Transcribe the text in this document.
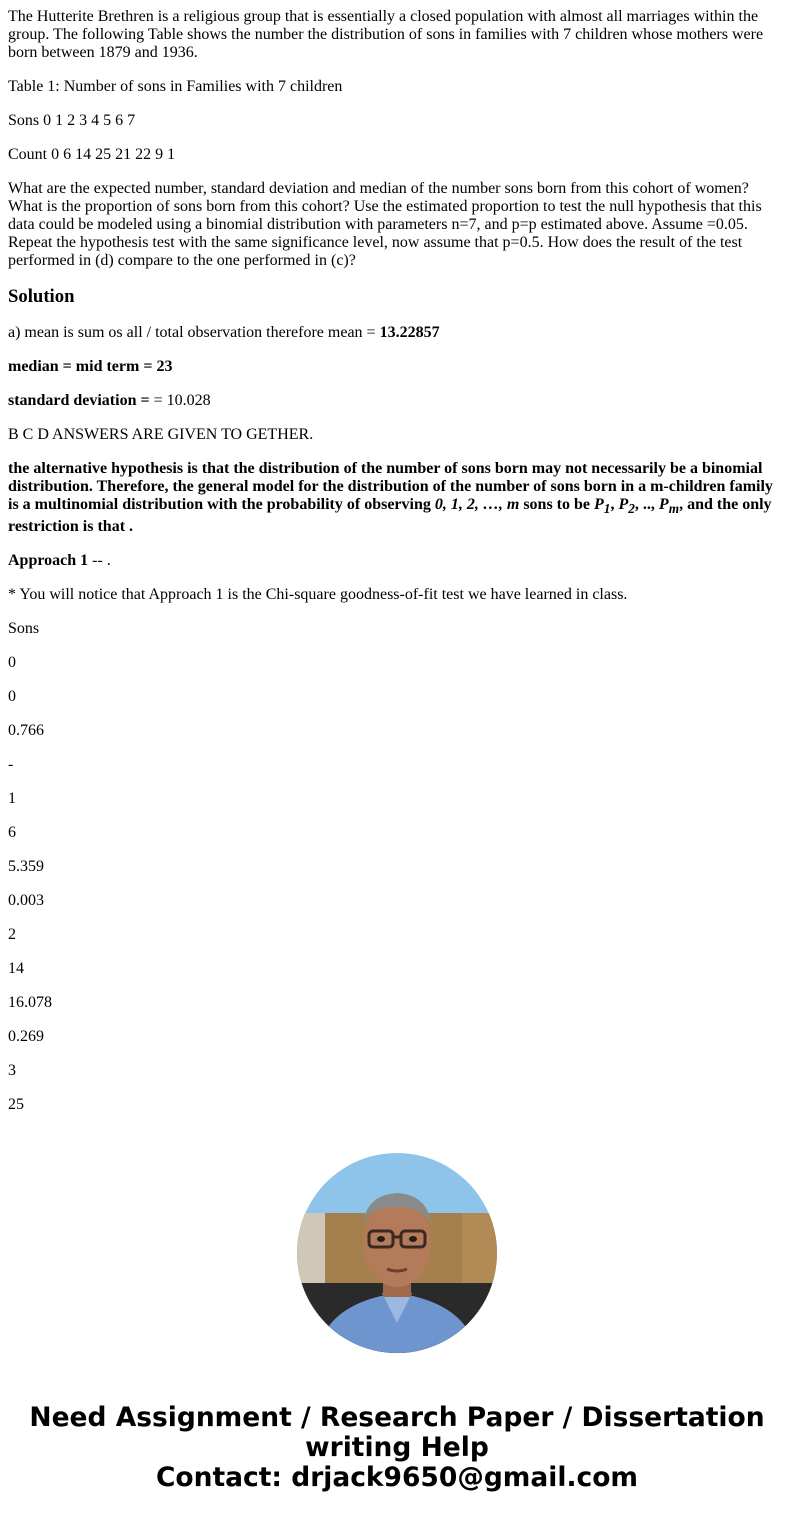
The Hutterite Brethren is a religious group that is essentially a closed population with almost all marriages within the group. The following Table shows the number the distribution of sons in families with 7 children whose mothers were born between 1879 and 1936.

Table 1: Number of sons in Families with 7 children

Sons 0 1 2 3 4 5 6 7

Count 0 6 14 25 21 22 9 1

What are the expected number, standard deviation and median of the number sons born from this cohort of women? What is the proportion of sons born from this cohort? Use the estimated proportion to test the null hypothesis that this data could be modeled using a binomial distribution with parameters n=7, and p=p estimated above. Assume =0.05. Repeat the hypothesis test with the same significance level, now assume that p=0.5. How does the result of the test performed in (d) compare to the one performed in (c)?

Solution

a) mean is sum os all / total observation therefore mean = 13.22857

median = mid term = 23

standard deviation = = 10.028

B C D ANSWERS ARE GIVEN TO GETHER.

the alternative hypothesis is that the distribution of the number of sons born may not necessarily be a binomial distribution. Therefore, the general model for the distribution of the number of sons born in a m-children family is a multinomial distribution with the probability of observing 0, 1, 2, …, m sons to be $P_1$, $P_2$, .., $P_m$, and the only restriction is that .

Approach 1 -- .

* You will notice that Approach 1 is the Chi-square goodness-of-fit test we have learned in class.

Sons

0

0

0.766

-

1

6

5.359

0.003

2

14

16.078

0.269

3

25

Need Assignment / Research Paper / Dissertation
writing Help
Contact: drjack9650@gmail.com
